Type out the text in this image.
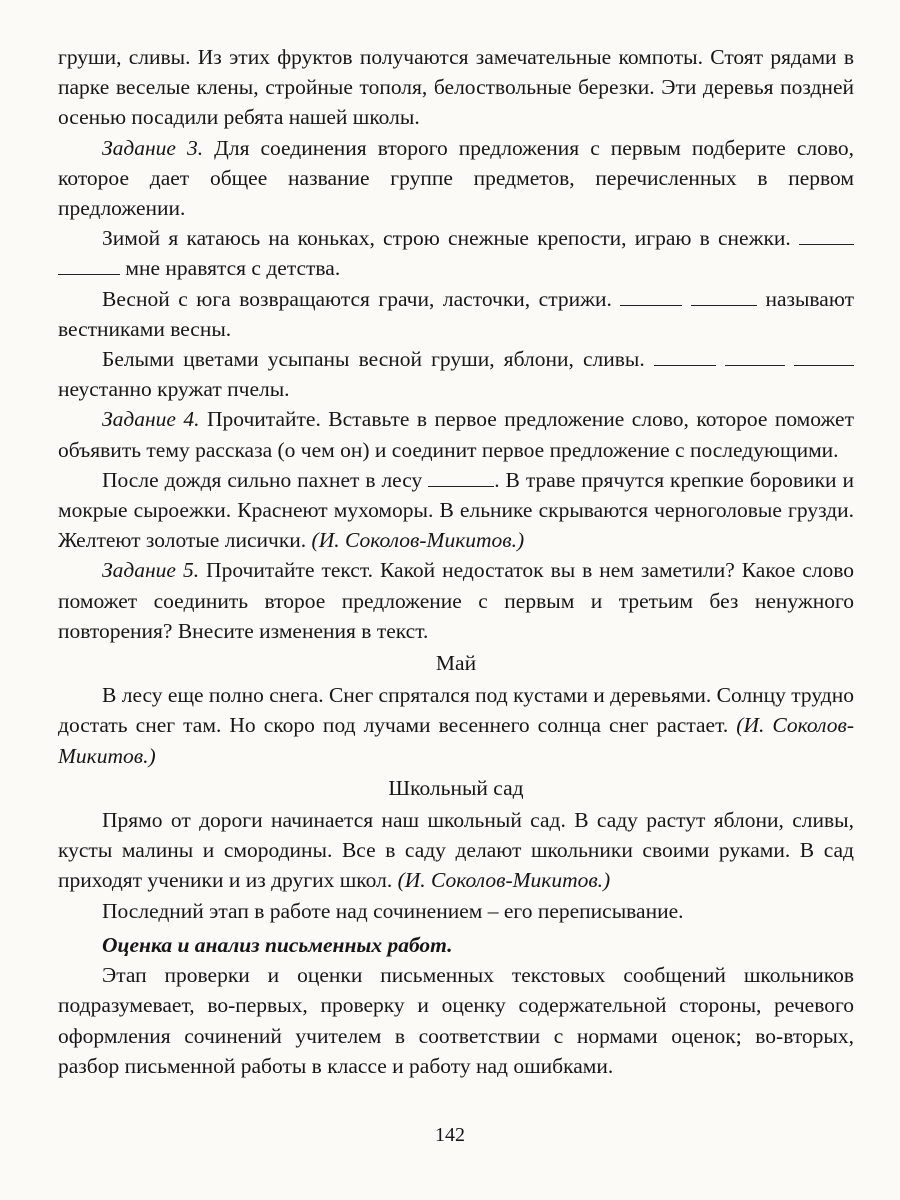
груши, сливы. Из этих фруктов получаются замечательные компоты. Стоят рядами в парке веселые клены, стройные тополя, белоствольные березки. Эти деревья поздней осенью посадили ребята нашей школы.

Задание 3. Для соединения второго предложения с первым подберите слово, которое дает общее название группе предметов, перечисленных в первом предложении.

Зимой я катаюсь на коньках, строю снежные крепости, играю в снежки.   мне нравятся с детства.

Весной с юга возвращаются грачи, ласточки, стрижи.	называют вестниками весны.

Белыми цветами усыпаны весной груши, яблони, сливы.    неустанно кружат пчелы.

Задание 4. Прочитайте. Вставьте в первое предложение слово, которое поможет объявить тему рассказа (о чем он) и соединит первое предложение с последующими.

После дождя сильно пахнет в лесу	. В траве прячутся крепкие боровики и мокрые сыроежки. Краснеют мухоморы. В ельнике скрываются черноголовые грузди. Желтеют золотые лисички. (И. Соколов-Микитов.)

Задание 5. Прочитайте текст. Какой недостаток вы в нем заметили? Какое слово поможет соединить второе предложение с первым и третьим без ненужного повторения? Внесите изменения в текст.

Май

В лесу еще полно снега. Снег спрятался под кустами и деревьями. Солнцу трудно достать снег там. Но скоро под лучами весеннего солнца снег растает. (И. Соколов-Микитов.)

Школьный сад

Прямо от дороги начинается наш школьный сад. В саду растут яблони, сливы, кусты малины и смородины. Все в саду делают школьники своими руками. В сад приходят ученики и из других школ. (И. Соколов-Микитов.)

Последний этап в работе над сочинением – его переписывание.

Оценка и анализ письменных работ.

Этап проверки и оценки письменных текстовых сообщений школьников подразумевает, во-первых, проверку и оценку содержательной стороны, речевого оформления сочинений учителем в соответствии с нормами оценок; во-вторых, разбор письменной работы в классе и работу над ошибками.

142
